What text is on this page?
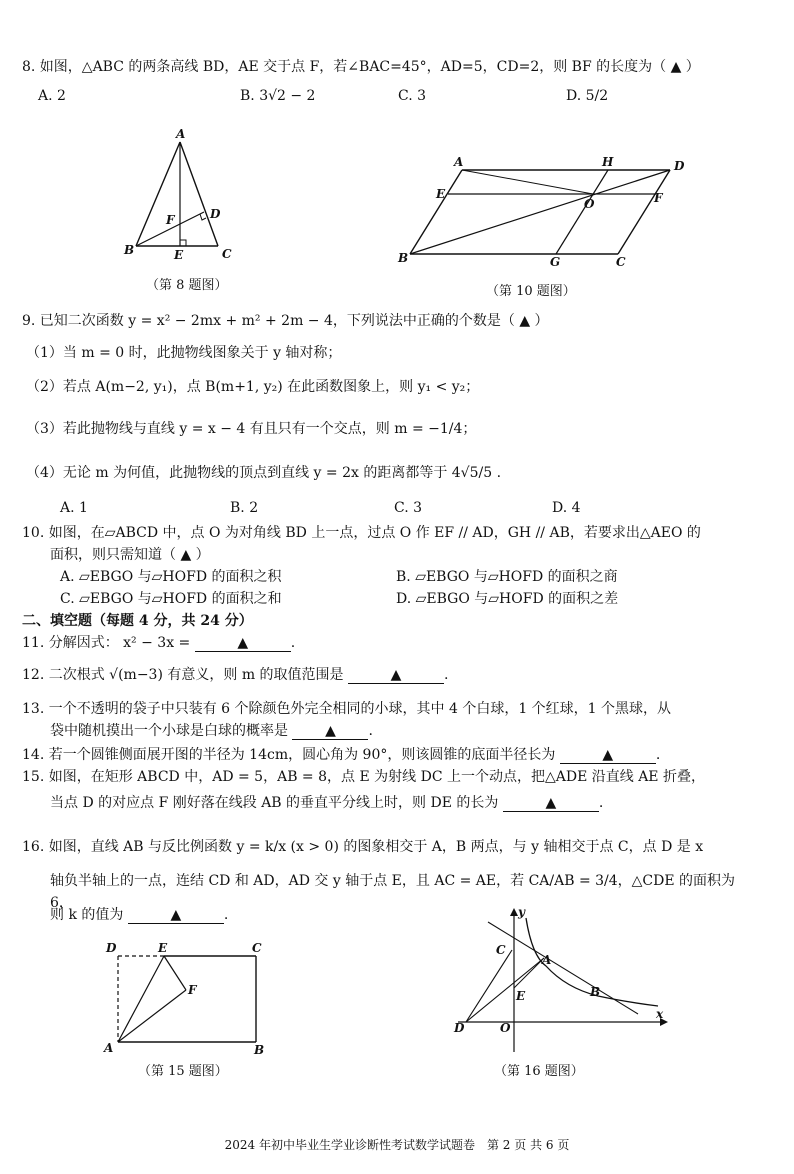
8. 如图，△ABC 的两条高线 BD，AE 交于点 F，若∠BAC=45°，AD=5，CD=2，则 BF 的长度为（ ▲ ）
A. 2	B. 3√2 − 2	C. 3	D. 5/2
A
B	C
D
E
F
（第 8 题图）
A	H	D
E
O	F
B	G	C
（第 10 题图）
9. 已知二次函数 y = x² − 2mx + m² + 2m − 4，下列说法中正确的个数是（ ▲ ）
（1）当 m = 0 时，此抛物线图象关于 y 轴对称；
（2）若点 A(m−2, y₁)，点 B(m+1, y₂) 在此函数图象上，则 y₁ < y₂；
（3）若此抛物线与直线 y = x − 4 有且只有一个交点，则 m = −1/4；
（4）无论 m 为何值，此抛物线的顶点到直线 y = 2x 的距离都等于 4√5/5 .
A. 1	B. 2	C. 3	D. 4
10. 如图，在▱ABCD 中，点 O 为对角线 BD 上一点，过点 O 作 EF // AD，GH // AB，若要求出△AEO 的
面积，则只需知道（ ▲ ）
A. ▱EBGO 与▱HOFD 的面积之积	B. ▱EBGO 与▱HOFD 的面积之商
C. ▱EBGO 与▱HOFD 的面积之和	D. ▱EBGO 与▱HOFD 的面积之差
二、填空题（每题 4 分，共 24 分）
11. 分解因式： x² − 3x =	▲	.
12. 二次根式 √(m−3) 有意义，则 m 的取值范围是	▲	.
13. 一个不透明的袋子中只装有 6 个除颜色外完全相同的小球，其中 4 个白球，1 个红球，1 个黑球，从
袋中随机摸出一个小球是白球的概率是	▲ .
14. 若一个圆锥侧面展开图的半径为 14cm，圆心角为 90°，则该圆锥的底面半径长为	▲	.
15. 如图，在矩形 ABCD 中，AD = 5，AB = 8，点 E 为射线 DC 上一个动点，把△ADE 沿直线 AE 折叠，
当点 D 的对应点 F 刚好落在线段 AB 的垂直平分线上时，则 DE 的长为	▲	.
16. 如图，直线 AB 与反比例函数 y = k/x (x > 0) 的图象相交于 A，B 两点，与 y 轴相交于点 C，点 D 是 x
轴负半轴上的一点，连结 CD 和 AD，AD 交 y 轴于点 E，且 AC = AE，若 CA/AB = 3/4，△CDE 的面积为 6，
则 k 的值为	▲	.
D	E	C
F
A	B
（第 15 题图）
y
x
C
A
E	B
D	O
（第 16 题图）
2024 年初中毕业生学业诊断性考试数学试题卷　第 2 页 共 6 页
